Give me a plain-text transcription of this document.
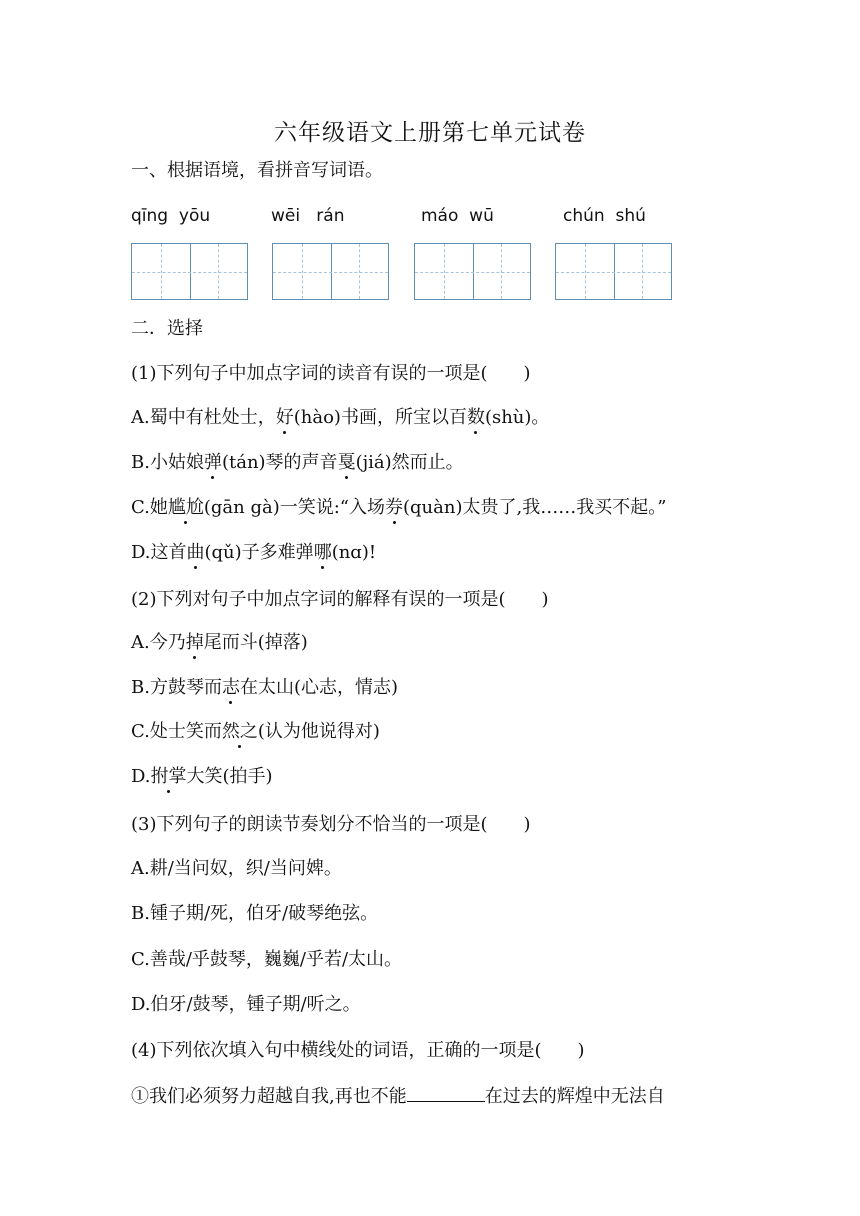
六年级语文上册第七单元试卷
一、根据语境，看拼音写词语。
qīng  yōu	wēi   rán	máo  wū	chún  shú
二．选择
(1)下列句子中加点字词的读音有误的一项是(　　)
A.蜀中有杜处士，好(hào)书画，所宝以百数(shù)。
B.小姑娘弹(tán)琴的声音戛(jiá)然而止。
C.她尴尬(gān gà)一笑说:“入场券(quàn)太贵了,我……我买不起。”
D.这首曲(qǔ)子多难弹哪(nɑ)!
(2)下列对句子中加点字词的解释有误的一项是(　　)
A.今乃掉尾而斗(掉落)
B.方鼓琴而志在太山(心志，情志)
C.处士笑而然之(认为他说得对)
D.拊掌大笑(拍手)
(3)下列句子的朗读节奏划分不恰当的一项是(　　)
A.耕/当问奴，织/当问婢。
B.锺子期/死，伯牙/破琴绝弦。
C.善哉/乎鼓琴，巍巍/乎若/太山。
D.伯牙/鼓琴，锺子期/听之。
(4)下列依次填入句中横线处的词语，正确的一项是(　　)
①我们必须努力超越自我,再也不能	在过去的辉煌中无法自
